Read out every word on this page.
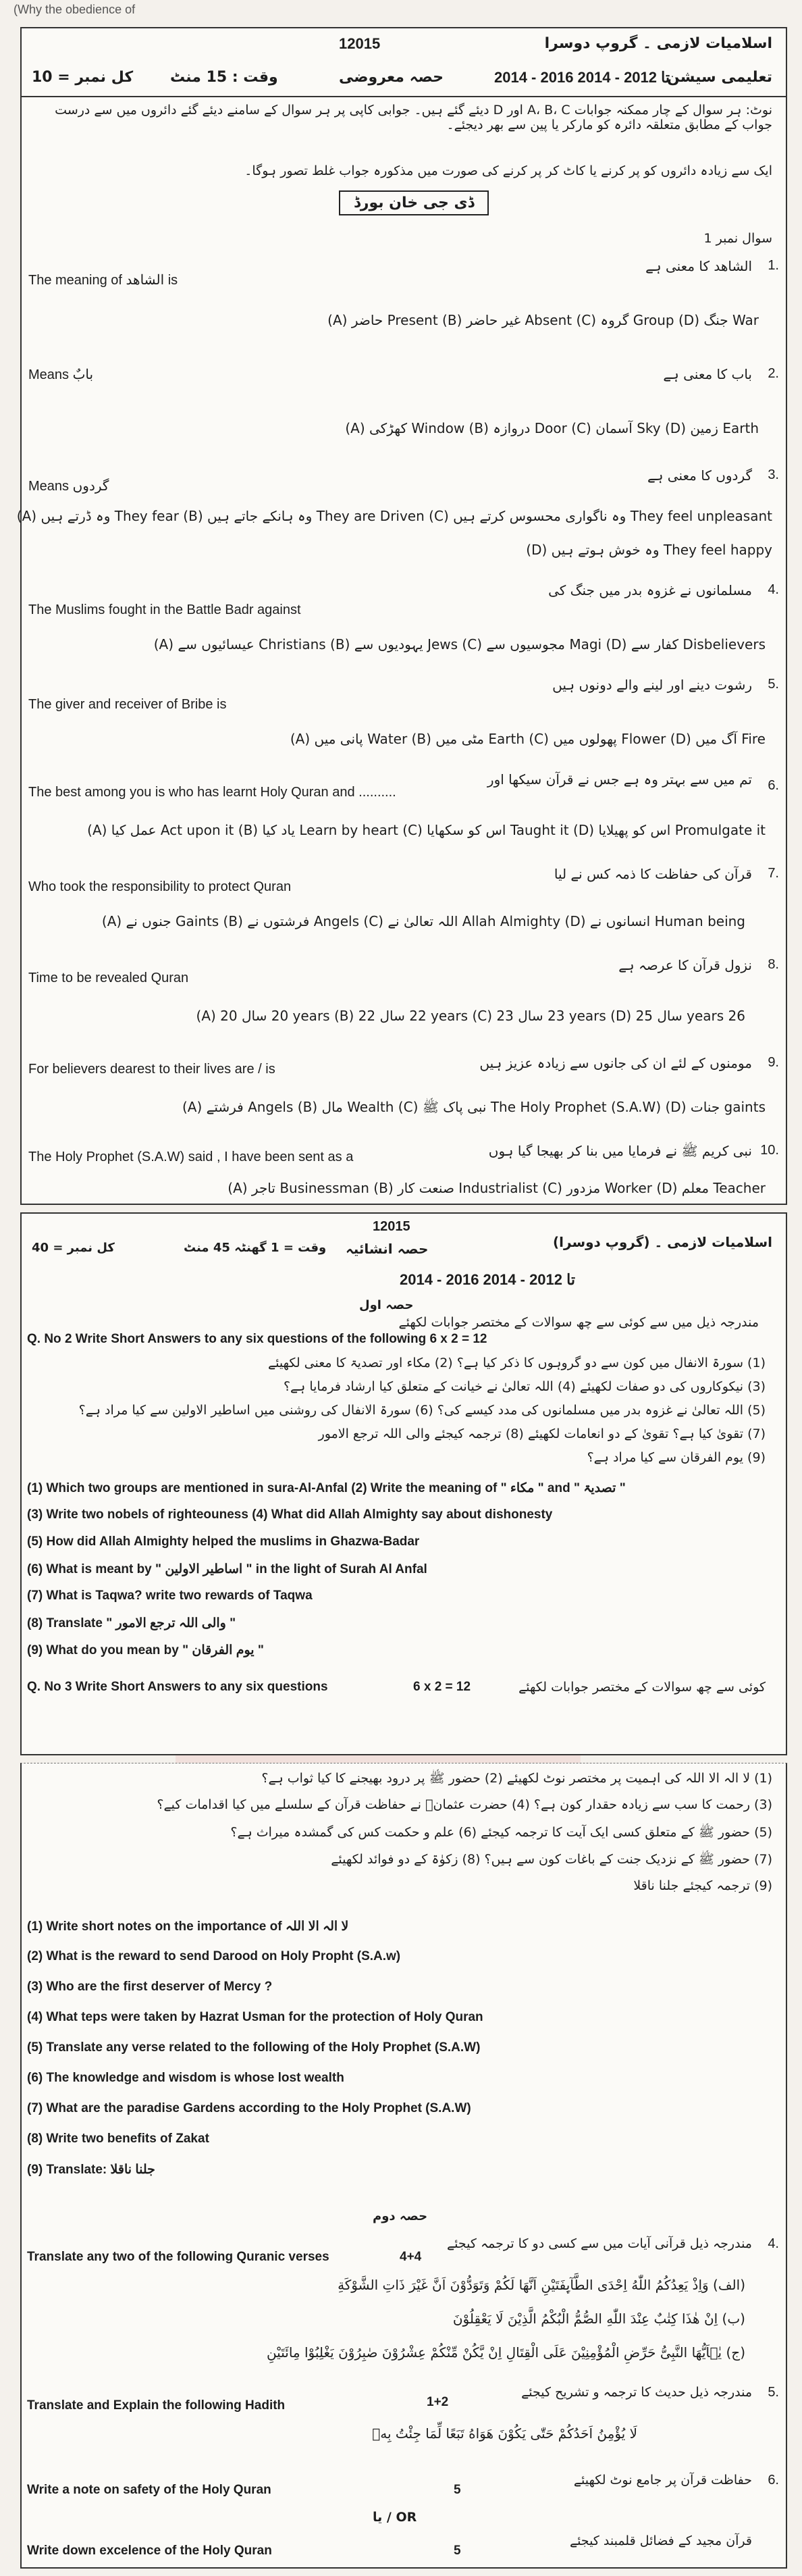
(Why the obedience of
12015	اسلامیات لازمی ۔ گروپ دوسرا
2014 - 2016 تا 2012 - 2014
تعلیمی سیشن
حصہ معروضی
وقت : 15 منٹ
کل نمبر = 10
نوٹ: ہر سوال کے چار ممکنہ جوابات A، B، C اور D دیئے گئے ہیں۔ جوابی کاپی پر ہر سوال کے سامنے دیئے گئے دائروں میں سے درست جواب کے مطابق متعلقہ دائرہ کو مارکر یا پین سے بھر دیجئے۔
ایک سے زیادہ دائروں کو پر کرنے یا کاٹ کر پر کرنے کی صورت میں مذکورہ جواب غلط تصور ہوگا۔
ڈی جی خان بورڈ
سوال نمبر 1
1.
الشاهد کا معنی ہے
The meaning of الشاهد is
War جنگ (D) Group گروہ (C) Absent غیر حاضر (B) Present حاضر (A)
2.
باب کا معنی ہے
Means بابٌ
Earth زمین (D) Sky آسمان (C) Door دروازہ (B) Window کھڑکی (A)
3.
گردوں کا معنی ہے
Means گردوں
They feel unpleasant وہ ناگواری محسوس کرتے ہیں (C) They are Driven وہ ہانکے جاتے ہیں (B) They fear وہ ڈرتے ہیں (A)
They feel happy وہ خوش ہوتے ہیں (D)
4.
مسلمانوں نے غزوہ بدر میں جنگ کی
The Muslims fought in the Battle Badr against
Disbelievers کفار سے (D) Magi مجوسیوں سے (C) Jews یہودیوں سے (B) Christians عیسائیوں سے (A)
5.
رشوت دینے اور لینے والے دونوں ہیں
The giver and receiver of Bribe is
Fire آگ میں (D) Flower پھولوں میں (C) Earth مٹی میں (B) Water پانی میں (A)
6.
تم میں سے بہتر وہ ہے جس نے قرآن سیکھا اور
The best among you is who has learnt Holy Quran and ..........
Promulgate it اس کو پھیلایا (D) Taught it اس کو سکھایا (C) Learn by heart یاد کیا (B) Act upon it عمل کیا (A)
7.
قرآن کی حفاظت کا ذمہ کس نے لیا
Who took the responsibility to protect Quran
Human being انسانوں نے (D) Allah Almighty اللہ تعالیٰ نے (C) Angels فرشتوں نے (B) Gaints جنوں نے (A)
8.
نزول قرآن کا عرصہ ہے
Time to be revealed Quran
26 years سال 25 (D) 23 years سال 23 (C) 22 years سال 22 (B) 20 years سال 20 (A)
9.
مومنوں کے لئے ان کی جانوں سے زیادہ عزیز ہیں
For believers dearest to their lives are / is
gaints جنات (D) The Holy Prophet (S.A.W) نبی پاک ﷺ (C) Wealth مال (B) Angels فرشتے (A)
10.
نبی کریم ﷺ نے فرمایا میں بنا کر بھیجا گیا ہوں
The Holy Prophet (S.A.W) said , I have been sent as a
Teacher معلم (D) Worker مزدور (C) Industrialist صنعت کار (B) Businessman تاجر (A)
12015
اسلامیات لازمی ۔ (گروپ دوسرا)
حصہ انشائیہ
وقت = 1 گھنٹہ 45 منٹ
کل نمبر = 40
2014 - 2016 تا 2012 - 2014
حصہ اول
مندرجہ ذیل میں سے کوئی سے چھ سوالات کے مختصر جوابات لکھئے
Q. No 2 Write Short Answers to any six questions of the following 6 x 2 = 12
(1) سورۃ الانفال میں کون سے دو گروہوں کا ذکر کیا ہے؟ (2) مکاء اور تصدیۃ کا معنی لکھیئے
(3) نیکوکاروں کی دو صفات لکھیئے (4) اللہ تعالیٰ نے خیانت کے متعلق کیا ارشاد فرمایا ہے؟
(5) اللہ تعالیٰ نے غزوہ بدر میں مسلمانوں کی مدد کیسے کی؟ (6) سورۃ الانفال کی روشنی میں اساطیر الاولین سے کیا مراد ہے؟
(7) تقویٰ کیا ہے؟ تقویٰ کے دو انعامات لکھیئے (8) ترجمہ کیجئے والی اللہ ترجع الامور
(9) یوم الفرقان سے کیا مراد ہے؟
(1) Which two groups are mentioned in sura-Al-Anfal (2) Write the meaning of " مکاء " and " تصدیۃ "
(3) Write two nobels of righteouness (4) What did Allah Almighty say about dishonesty
(5) How did Allah Almighty helped the muslims in Ghazwa-Badar
(6) What is meant by " اساطیر الاولین " in the light of Surah Al Anfal
(7) What is Taqwa? write two rewards of Taqwa
(8) Translate " والی اللہ ترجع الامور "
(9) What do you mean by " یوم الفرقان "
Q. No 3 Write Short Answers to any six questions	6 x 2 = 12	کوئی سے چھ سوالات کے مختصر جوابات لکھئے
(1) لا الہ الا اللہ کی اہمیت پر مختصر نوٹ لکھیئے (2) حضور ﷺ پر درود بھیجنے کا کیا ثواب ہے؟
(3) رحمت کا سب سے زیادہ حقدار کون ہے؟ (4) حضرت عثمانؓ نے حفاظت قرآن کے سلسلے میں کیا اقدامات کیے؟
(5) حضور ﷺ کے متعلق کسی ایک آیت کا ترجمہ کیجئے (6) علم و حکمت کس کی گمشدہ میراث ہے؟
(7) حضور ﷺ کے نزدیک جنت کے باغات کون سے ہیں؟ (8) زکوٰۃ کے دو فوائد لکھیئے
(9) ترجمہ کیجئے جلنا ناقلا
(1) Write short notes on the importance of لا الہ الا اللہ
(2) What is the reward to send Darood on Holy Propht (S.A.w)
(3) Who are the first deserver of Mercy ?
(4) What teps were taken by Hazrat Usman for the protection of Holy Quran
(5) Translate any verse related to the following of the Holy Prophet (S.A.W)
(6) The knowledge and wisdom is whose lost wealth
(7) What are the paradise Gardens according to the Holy Prophet (S.A.W)
(8) Write two benefits of Zakat
(9) Translate: جلنا ناقلا
حصہ دوم
4.
مندرجہ ذیل قرآنی آیات میں سے کسی دو کا ترجمہ کیجئے
Translate any two of the following Quranic verses	4+4
(الف) وَاِذْ یَعِدُكُمُ اللّٰهُ اِحْدَى الطَّآىِٕفَتَیْنِ اَنَّهَا لَكُمْ وَتَوَدُّوْنَ اَنَّ غَیْرَ ذَاتِ الشَّوْكَةِ
(ب) اِنْ هٰذَا كِتٰبٌ عِنْدَ اللّٰهِ الصُّمُّ الْبُكْمُ الَّذِیْنَ لَا یَعْقِلُوْنَ
(ج) یٰۤاَیُّهَا النَّبِیُّ حَرِّضِ الْمُؤْمِنِیْنَ عَلَى الْقِتَالِ اِنْ یَّكُنْ مِّنْكُمْ عِشْرُوْنَ صٰبِرُوْنَ یَغْلِبُوْا مِائَتَیْنِ
5.
مندرجہ ذیل حدیث کا ترجمہ و تشریح کیجئے
Translate and Explain the following Hadith	1+2
لَا یُؤْمِنُ اَحَدُكُمْ حَتّٰی یَكُوْنَ هَوَاهُ تَبَعًا لِّمَا جِئْتُ بِهٖ
6.
حفاظت قرآن پر جامع نوٹ لکھیئے
Write a note on safety of the Holy Quran	5
OR / یا
قرآن مجید کے فضائل قلمبند کیجئے
Write down excelence of the Holy Quran	5
